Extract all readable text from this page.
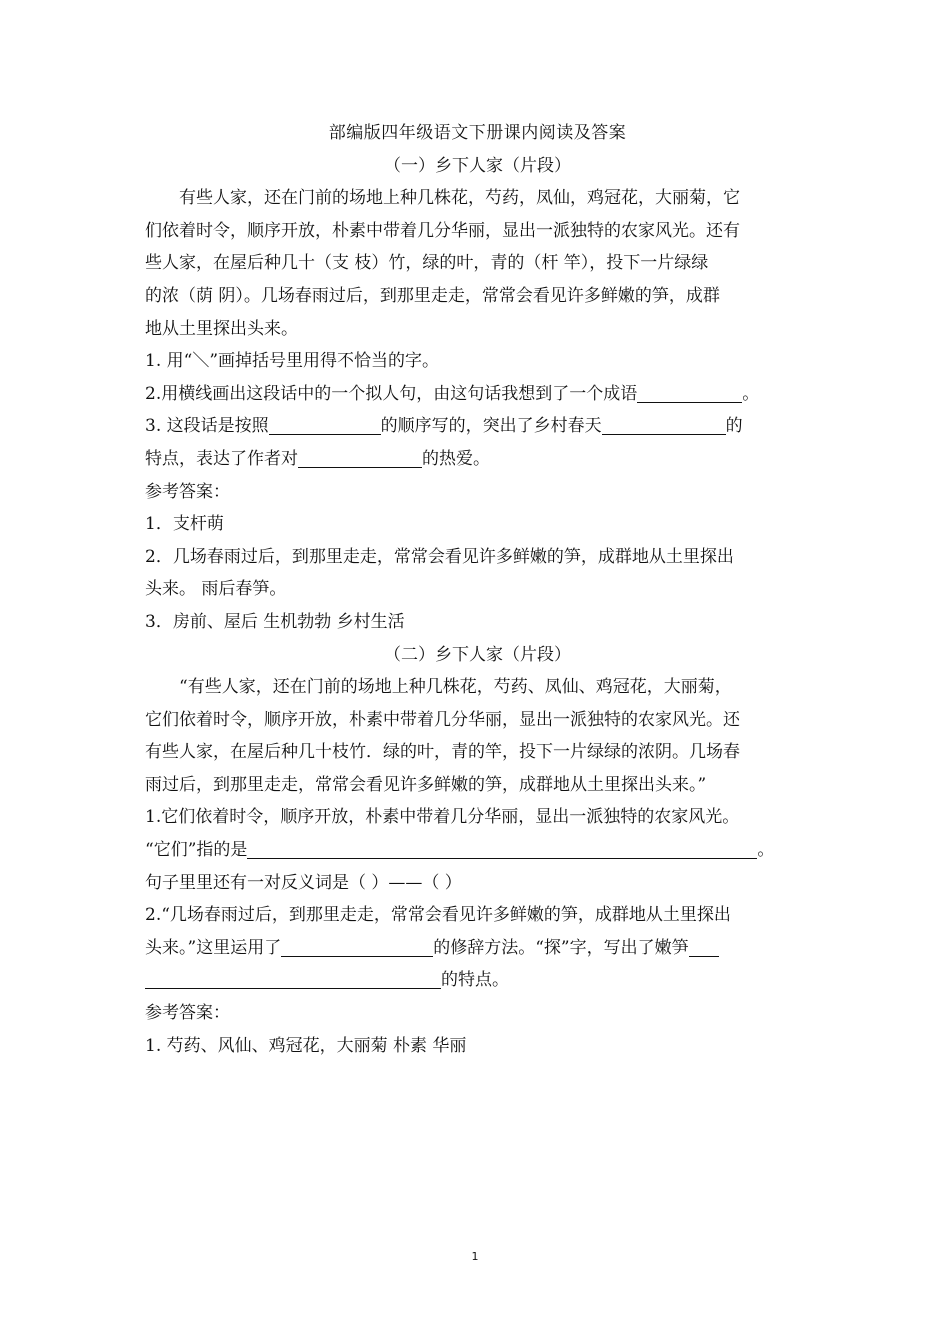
部编版四年级语文下册课内阅读及答案
（一）乡下人家（片段）
有些人家，还在门前的场地上种几株花，芍药，凤仙，鸡冠花，大丽菊，它
们依着时令，顺序开放，朴素中带着几分华丽，显出一派独特的农家风光。还有
些人家，在屋后种几十（支 枝）竹，绿的叶，青的（杆 竿），投下一片绿绿
的浓（荫 阴）。几场春雨过后，到那里走走，常常会看见许多鲜嫩的笋，成群
地从土里探出头来。
1. 用“＼”画掉括号里用得不恰当的字。
2.用横线画出这段话中的一个拟人句，由这句话我想到了一个成语	。
3. 这段话是按照	的顺序写的，突出了乡村春天	的
特点，表达了作者对	的热爱。
参考答案：
1．支杆萌
2．几场春雨过后，到那里走走，常常会看见许多鲜嫩的笋，成群地从土里探出
头来。 雨后春笋。
3．房前、屋后 生机勃勃 乡村生活
（二）乡下人家（片段）
“有些人家，还在门前的场地上种几株花，芍药、凤仙、鸡冠花，大丽菊，
它们依着时令，顺序开放，朴素中带着几分华丽，显出一派独特的农家风光。还
有些人家，在屋后种几十枝竹．绿的叶，青的竿，投下一片绿绿的浓阴。几场春
雨过后，到那里走走，常常会看见许多鲜嫩的笋，成群地从土里探出头来。”
1.它们依着时令，顺序开放，朴素中带着几分华丽，显出一派独特的农家风光。
“它们”指的是	。
句子里里还有一对反义词是（ ）——（ ）
2.“几场春雨过后，到那里走走，常常会看见许多鲜嫩的笋，成群地从土里探出
头来。”这里运用了	的修辞方法。“探”字，写出了嫩笋
的特点。
参考答案：
1. 芍药、风仙、鸡冠花，大丽菊 朴素 华丽
1
